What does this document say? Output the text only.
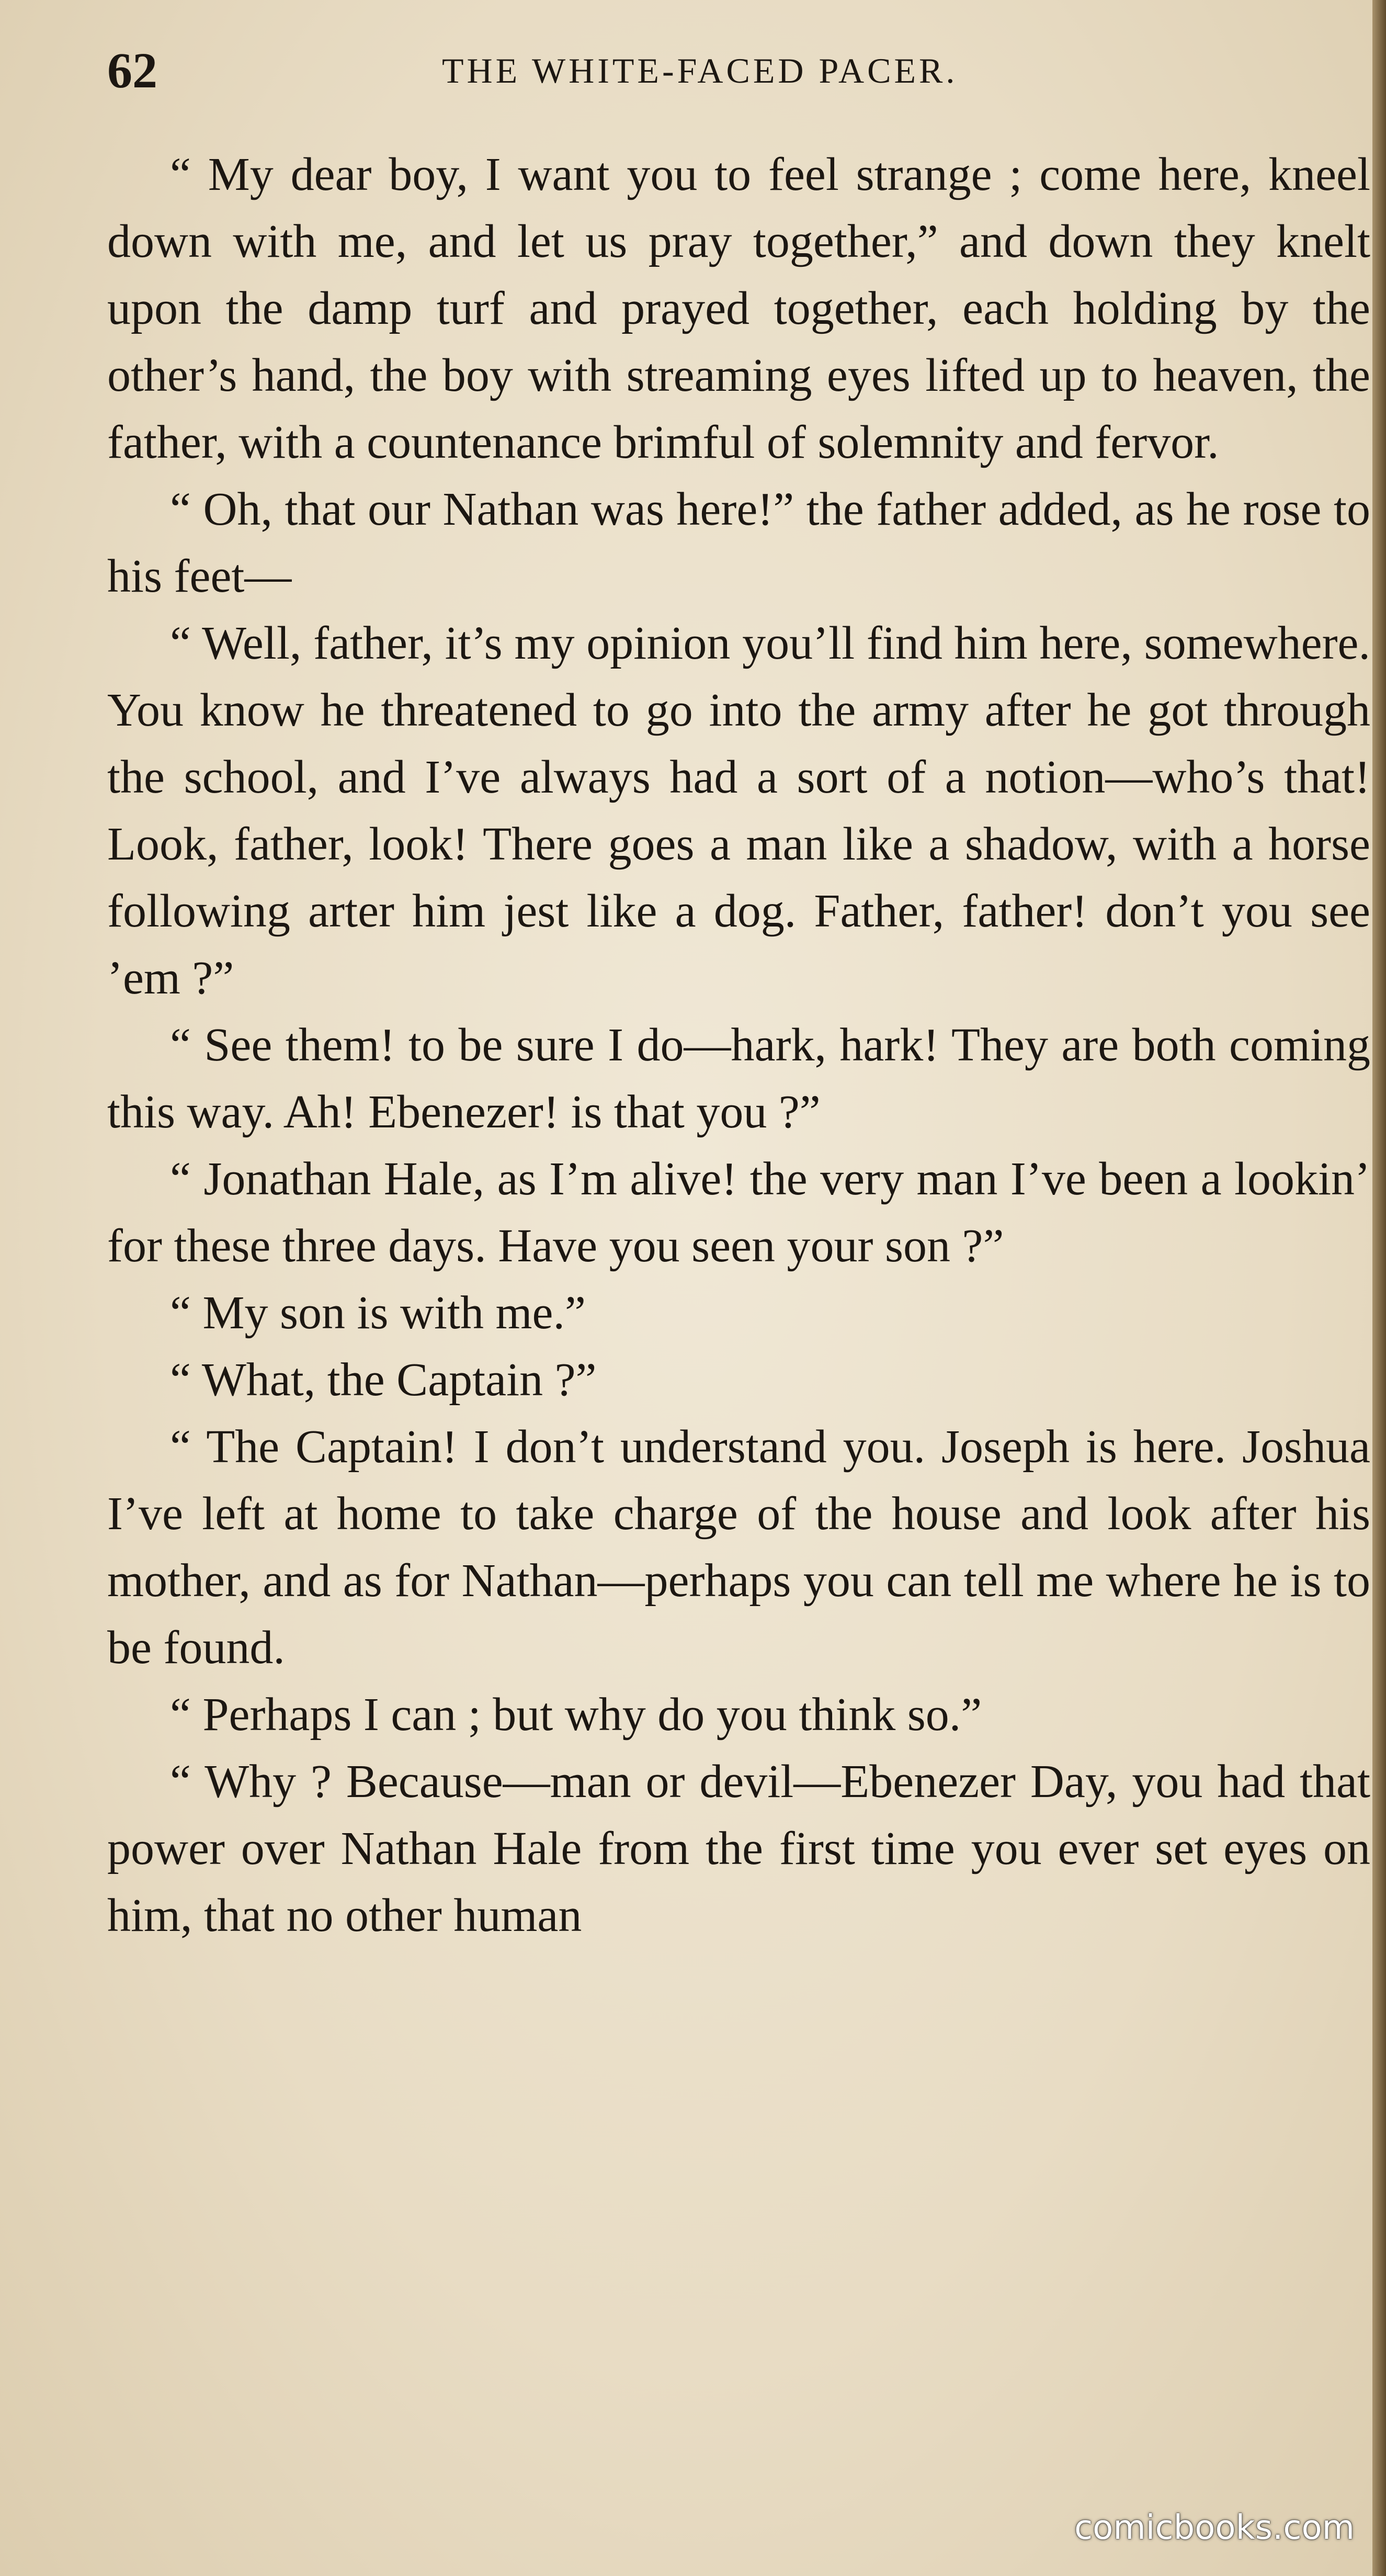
62	THE WHITE-FACED PACER.

“ My dear boy, I want you to feel strange ; come here, kneel down with me, and let us pray together,” and down they knelt upon the damp turf and prayed together, each holding by the other’s hand, the boy with streaming eyes lifted up to heaven, the father, with a countenance brimful of solemnity and fervor.

“ Oh, that our Nathan was here!” the father added, as he rose to his feet—

“ Well, father, it’s my opinion you’ll find him here, somewhere. You know he threatened to go into the army after he got through the school, and I’ve always had a sort of a notion—who’s that! Look, father, look! There goes a man like a shadow, with a horse following arter him jest like a dog. Father, father! don’t you see ’em ?”

“ See them! to be sure I do—hark, hark! They are both coming this way. Ah! Ebenezer! is that you ?”

“ Jonathan Hale, as I’m alive! the very man I’ve been a lookin’ for these three days. Have you seen your son ?”

“ My son is with me.”

“ What, the Captain ?”

“ The Captain! I don’t understand you. Joseph is here. Joshua I’ve left at home to take charge of the house and look after his mother, and as for Nathan—perhaps you can tell me where he is to be found.

“ Perhaps I can ; but why do you think so.”

“ Why ? Because—man or devil—Ebenezer Day, you had that power over Nathan Hale from the first time you ever set eyes on him, that no other human

comicbooks.com
